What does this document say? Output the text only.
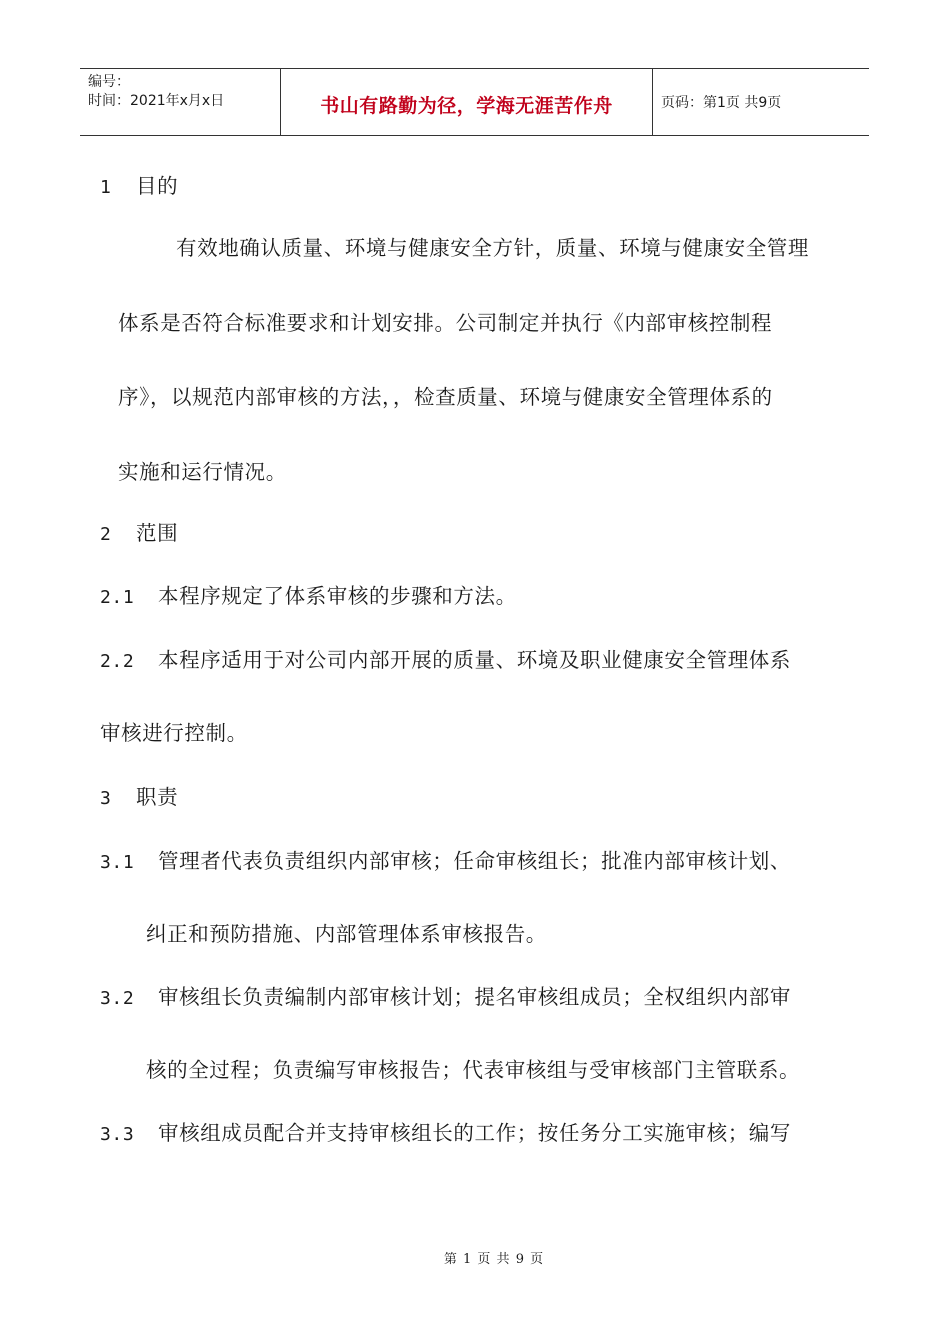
编号：
时间：2021年x月x日	书山有路勤为径，学海无涯苦作舟	页码：第1页 共9页
1 目的
有效地确认质量、环境与健康安全方针，质量、环境与健康安全管理
体系是否符合标准要求和计划安排。公司制定并执行《内部审核控制程
序》，以规范内部审核的方法，，检查质量、环境与健康安全管理体系的
实施和运行情况。
2 范围
2.1 本程序规定了体系审核的步骤和方法。
2.2 本程序适用于对公司内部开展的质量、环境及职业健康安全管理体系
审核进行控制。
3 职责
3.1 管理者代表负责组织内部审核；任命审核组长；批准内部审核计划、
纠正和预防措施、内部管理体系审核报告。
3.2 审核组长负责编制内部审核计划；提名审核组成员；全权组织内部审
核的全过程；负责编写审核报告；代表审核组与受审核部门主管联系。
3.3 审核组成员配合并支持审核组长的工作；按任务分工实施审核；编写
第 1 页 共 9 页
